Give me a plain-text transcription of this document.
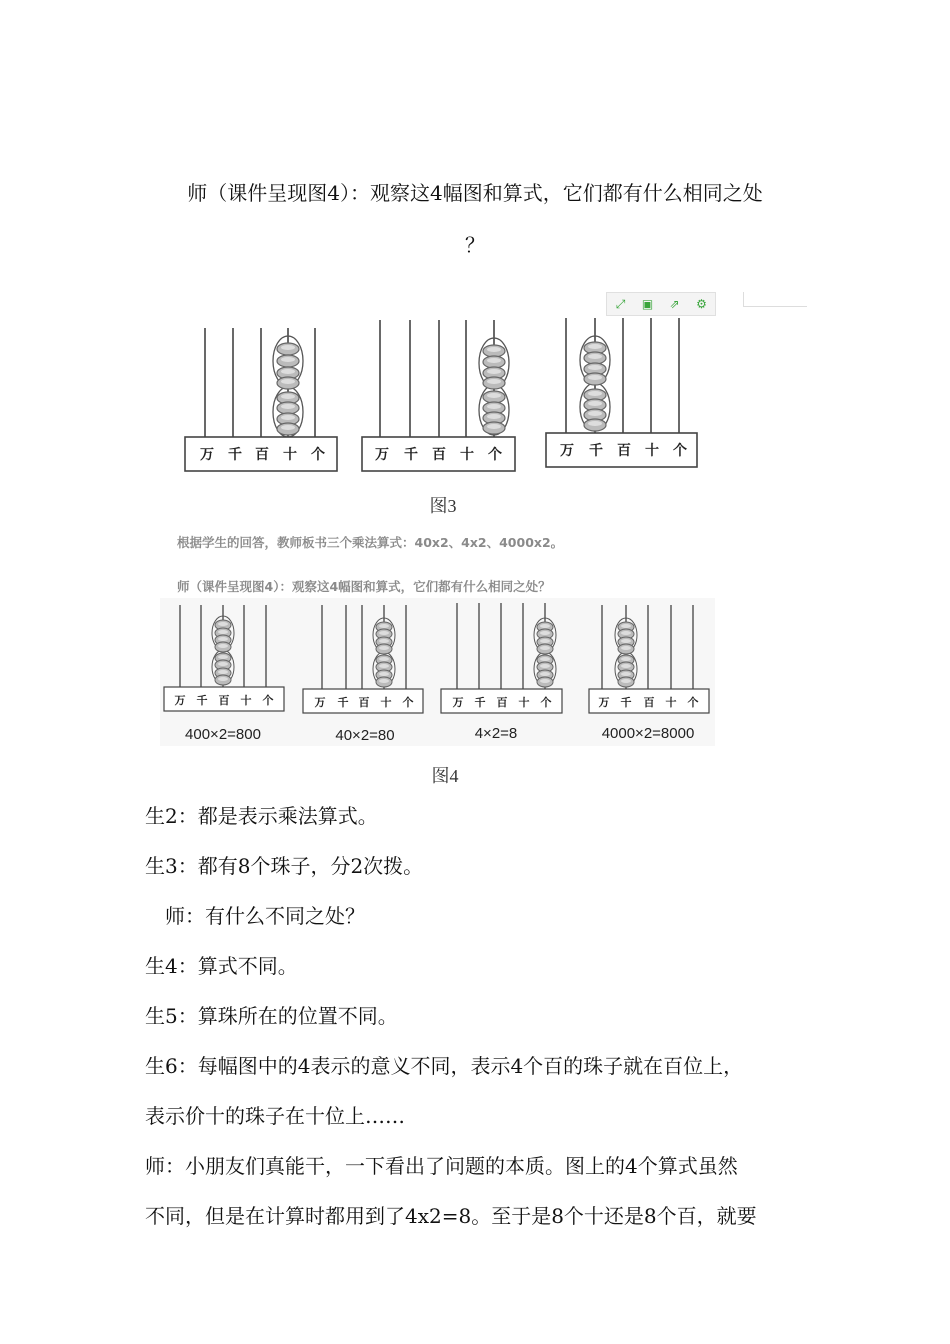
师（课件呈现图4）：观察这4幅图和算式，它们都有什么相同之处
？
⤢ ▣ ⇗ ⚙
万 千 百 十 个	万 千 百 十 个	万 千 百 十 个
图3
根据学生的回答，教师板书三个乘法算式：40x2、4x2、4000x2。
师（课件呈现图4）：观察这4幅图和算式，它们都有什么相同之处？
万 千 百 十 个	万 千 百 十 个	万 千 百 十 个	万 千 百 十 个
400×2=800	40×2=80	4×2=8	4000×2=8000
图4
生2：都是表示乘法算式。
生3：都有8个珠子，分2次拨。
师：有什么不同之处？
生4：算式不同。
生5：算珠所在的位置不同。
生6：每幅图中的4表示的意义不同，表示4个百的珠子就在百位上，
表示价十的珠子在十位上……
师：小朋友们真能干，一下看出了问题的本质。图上的4个算式虽然
不同，但是在计算时都用到了4x2=8。至于是8个十还是8个百，就要
